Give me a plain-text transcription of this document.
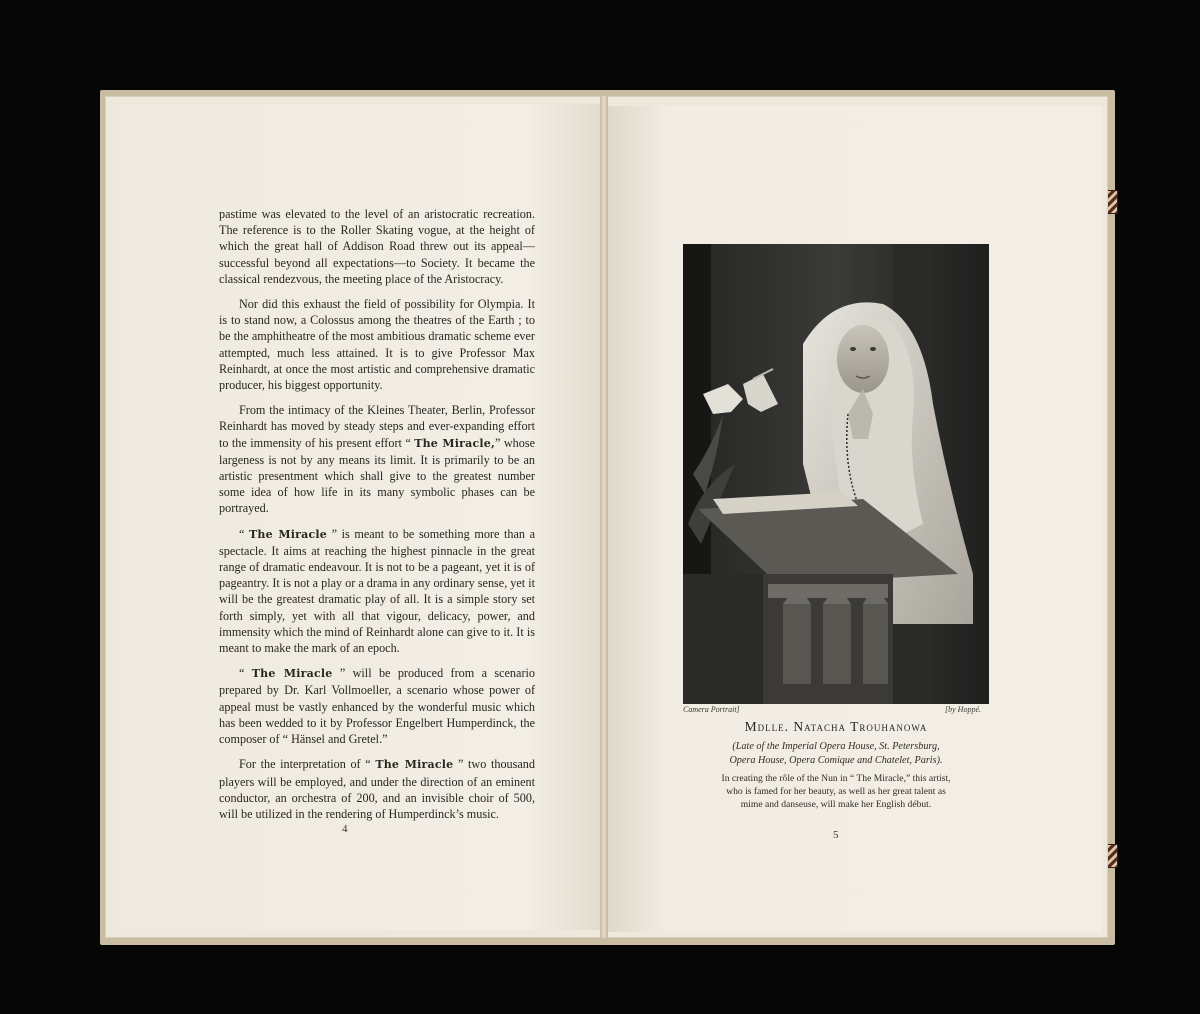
pastime was elevated to the level of an aristocratic recreation. The reference is to the Roller Skating vogue, at the height of which the great hall of Addison Road threw out its appeal—successful beyond all expectations—to Society. It became the classical rendezvous, the meeting place of the Aristocracy.

Nor did this exhaust the field of possibility for Olympia. It is to stand now, a Colossus among the theatres of the Earth ; to be the amphitheatre of the most ambitious dramatic scheme ever attempted, much less attained. It is to give Professor Max Reinhardt, at once the most artistic and comprehensive dramatic producer, his biggest opportunity.

From the intimacy of the Kleines Theater, Berlin, Professor Reinhardt has moved by steady steps and ever-expanding effort to the immensity of his present effort “ The Miracle,” whose largeness is not by any means its limit. It is primarily to be an artistic presentment which shall give to the greatest number some idea of how life in its many symbolic phases can be portrayed.

“ The Miracle ” is meant to be something more than a spectacle. It aims at reaching the highest pinnacle in the great range of dramatic endeavour. It is not to be a pageant, yet it is of pageantry. It is not a play or a drama in any ordinary sense, yet it will be the greatest dramatic play of all. It is a simple story set forth simply, yet with all that vigour, delicacy, power, and immensity which the mind of Reinhardt alone can give to it. It is meant to make the mark of an epoch.

“ The Miracle ” will be produced from a scenario prepared by Dr. Karl Vollmoeller, a scenario whose power of appeal must be vastly enhanced by the wonderful music which has been wedded to it by Professor Engelbert Humperdinck, the composer of “ Hänsel and Gretel.”

For the interpretation of “ The Miracle ” two thousand players will be employed, and under the direction of an eminent conductor, an orchestra of 200, and an invisible choir of 500, will be utilized in the rendering of Humperdinck’s music.

4
Camera Portrait]	[by Hoppé.
Mdlle. Natacha Trouhanowa
(Late of the Imperial Opera House, St. Petersburg,
Opera House, Opera Comique and Chatelet, Paris).
In creating the rôle of the Nun in “ The Miracle,” this artist,
who is famed for her beauty, as well as her great talent as
mime and danseuse, will make her English début.
5
